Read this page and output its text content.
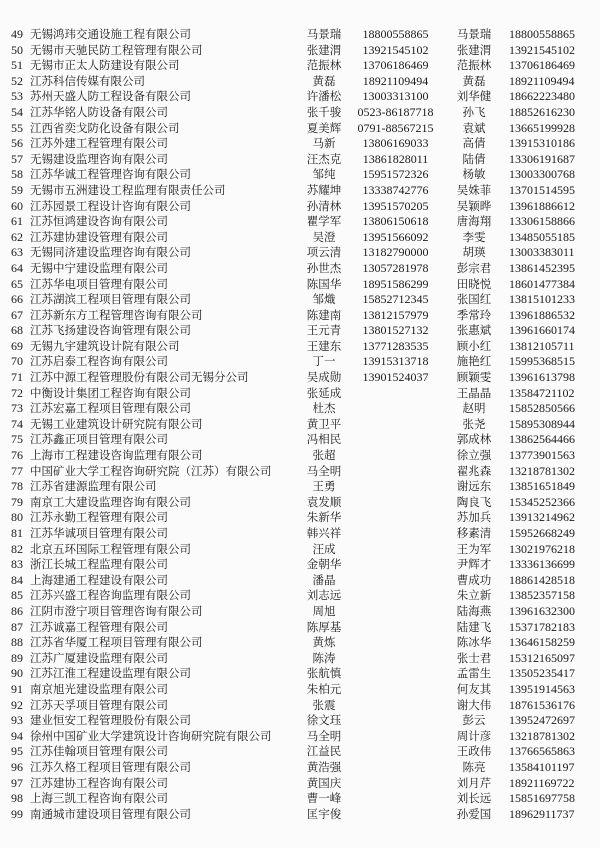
49	无锡鸿玮交通设施工程有限公司	马景瑞	18800558865	马景瑞	18800558865
50	无锡市天驰民防工程管理有限公司	张建渭	13921545102	张建渭	13921545102
51	无锡市正太人防建设有限公司	范振林	13706186469	范振林	13706186469
52	江苏科信传媒有限公司	黄磊	18921109494	黄磊	18921109494
53	苏州天盛人防工程设备有限公司	许潘松	13003313100	刘华健	18662223480
54	江苏华铭人防设备有限公司	张千骏	0523-86187718	孙飞	18852616230
55	江西省奕戈防化设备有限公司	夏美辉	0791-88567215	袁斌	13665199928
56	江苏外建工程管理有限公司	马新	13806169033	高倩	13915310186
57	无锡建设监理咨询有限公司	汪杰克	13861828011	陆倩	13306191687
58	江苏华诚工程管理咨询有限公司	邹纯	15951572326	杨敏	13003300768
59	无锡市五洲建设工程监理有限责任公司	苏耀坤	13338742776	吴姝菲	13701514595
60	江苏园景工程设计咨询有限公司	孙清林	13951570205	吴颖晔	13961886612
61	江苏恒鸿建设咨询有限公司	瞿学军	13806150618	唐海翔	13306158866
62	江苏建协建设管理有限公司	吴澄	13951566092	李雯	13485055185
63	无锡同济建设监理咨询有限公司	项云清	13182790000	胡瑛	13003383011
64	无锡中宁建设监理有限公司	孙世杰	13057281978	彭宗君	13861452395
65	江苏华电项目管理有限公司	陈国华	18951586299	田晓悦	18601477384
66	江苏湖滨工程项目管理有限公司	邹熾	15852712345	张国红	13815101233
67	江苏新东方工程管理咨询有限公司	陈建南	13812157979	季常玲	13961886532
68	江苏飞扬建设咨询管理有限公司	王元青	13801527132	张惠斌	13961660174
69	无锡九宇建筑设计院有限公司	王建东	13771283535	顾小红	13812105711
70	江苏启泰工程咨询有限公司	丁一	13915313718	施艳红	15995368515
71	江苏中源工程管理股份有限公司无锡分公司	吴成勋	13901524037	顾颖雯	13961613798
72	中衡设计集团工程咨询有限公司	张延成		王晶晶	13584721102
73	江苏宏嘉工程项目管理有限公司	杜杰		赵明	15852850566
74	无锡工业建筑设计研究院有限公司	黄卫平		张尧	15895308944
75	江苏鑫正项目管理有限公司	冯相民		郭成林	13862564466
76	上海市工程建设咨询监理有限公司	张超		徐立强	13773901563
77	中国矿业大学工程咨询研究院（江苏）有限公司	马全明		翟兆森	13218781302
78	江苏省建源监理有限公司	王勇		谢远东	13851651849
79	南京工大建设监理咨询有限公司	袁发顺		陶良飞	15345252366
80	江苏永勤工程管理有限公司	朱新华		苏加兵	13913214962
81	江苏华诚项目管理有限公司	韩兴祥		移素清	15952668249
82	北京五环国际工程管理有限公司	汪成		王为军	13021976218
83	浙江长城工程监理有限公司	金朝华		尹辉才	13336136699
84	上海建通工程建设有限公司	潘晶		曹成功	18861428518
85	江苏兴盛工程咨询监理有限公司	刘志远		朱立新	13852357158
86	江阴市澄宁项目管理咨询有限公司	周旭		陆海燕	13961632300
87	江苏诚嘉工程管理有限公司	陈厚基		陆建飞	15371782183
88	江苏省华厦工程项目管理有限公司	黄炼		陈冰华	13646158259
89	江苏广厦建设监理有限公司	陈涛		张士君	15312165097
90	江苏江淮工程建设监理有限公司	张航慎		孟雷生	13505235417
91	南京旭光建设监理有限公司	朱柏元		何友其	13951914563
92	江苏天孚项目管理有限公司	张震		谢大伟	18761536176
93	建业恒安工程管理股份有限公司	徐文珏		彭云	13952472697
94	徐州中国矿业大学建筑设计咨询研究院有限公司	马全明		周计彦	13218781302
95	江苏佳翰项目管理有限公司	江益民		王政伟	13766565863
96	江苏久格工程项目管理有限公司	黄浩强		陈亮	13584101197
97	江苏建协工程咨询有限公司	黄国庆		刘月芹	18921169722
98	上海三凯工程咨询有限公司	曹一峰		刘长远	15851697758
99	南通城市建设项目管理有限公司	匡宇俊		孙爱国	18962911737
